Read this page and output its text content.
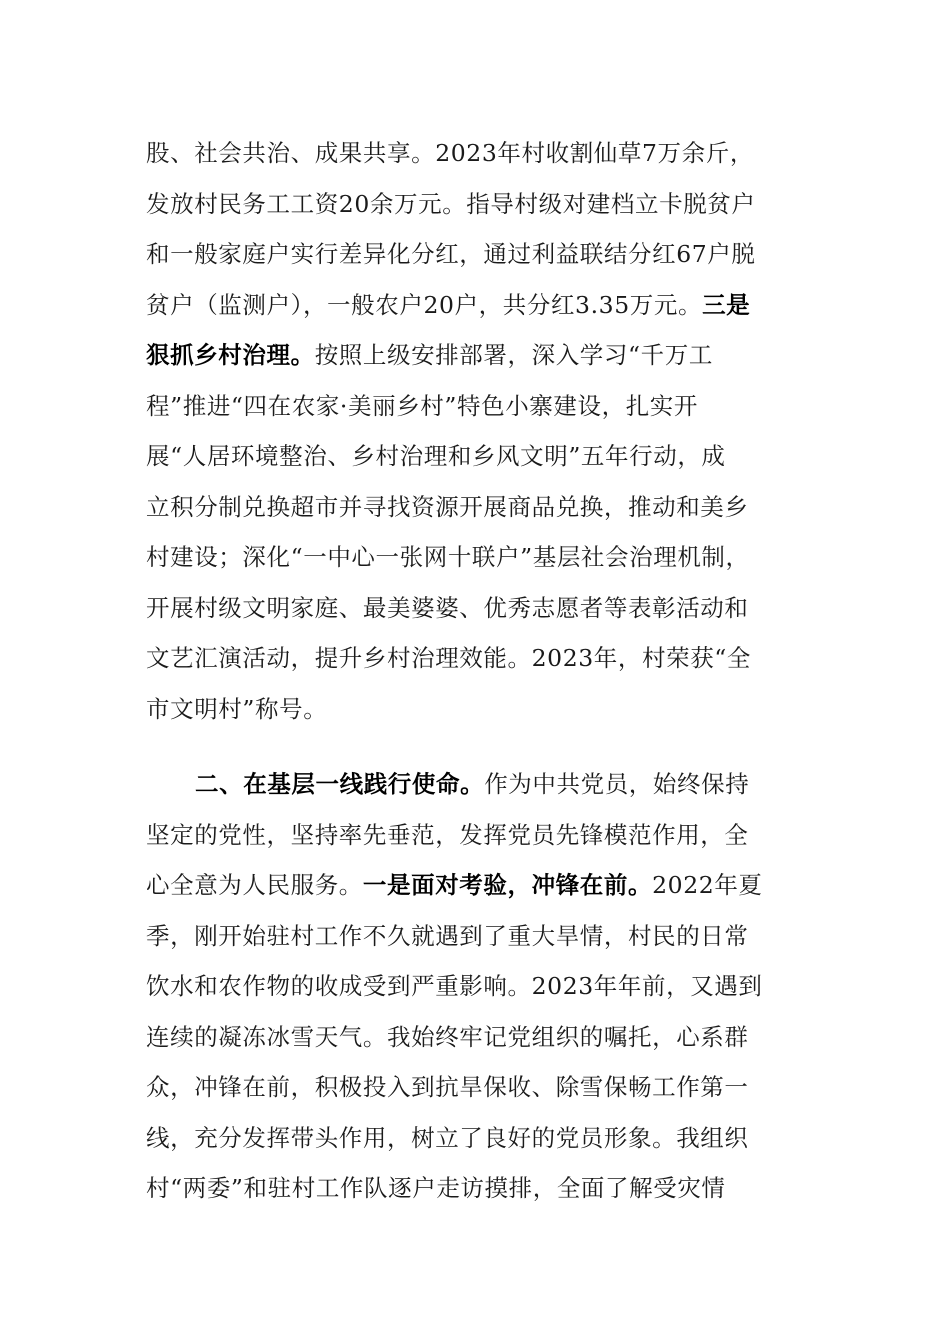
股、社会共治、成果共享。2023年村收割仙草7万余斤，
发放村民务工工资20余万元。指导村级对建档立卡脱贫户
和一般家庭户实行差异化分红，通过利益联结分红67户脱
贫户（监测户），一般农户20户，共分红3.35万元。三是
狠抓乡村治理。按照上级安排部署，深入学习“千万工
程”推进“四在农家·美丽乡村”特色小寨建设，扎实开
展“人居环境整治、乡村治理和乡风文明”五年行动，成
立积分制兑换超市并寻找资源开展商品兑换，推动和美乡
村建设；深化“一中心一张网十联户”基层社会治理机制，
开展村级文明家庭、最美婆婆、优秀志愿者等表彰活动和
文艺汇演活动，提升乡村治理效能。2023年，村荣获“全
市文明村”称号。
二、在基层一线践行使命。作为中共党员，始终保持
坚定的党性，坚持率先垂范，发挥党员先锋模范作用，全
心全意为人民服务。一是面对考验，冲锋在前。2022年夏
季，刚开始驻村工作不久就遇到了重大旱情，村民的日常
饮水和农作物的收成受到严重影响。2023年年前，又遇到
连续的凝冻冰雪天气。我始终牢记党组织的嘱托，心系群
众，冲锋在前，积极投入到抗旱保收、除雪保畅工作第一
线，充分发挥带头作用，树立了良好的党员形象。我组织
村“两委”和驻村工作队逐户走访摸排，全面了解受灾情
